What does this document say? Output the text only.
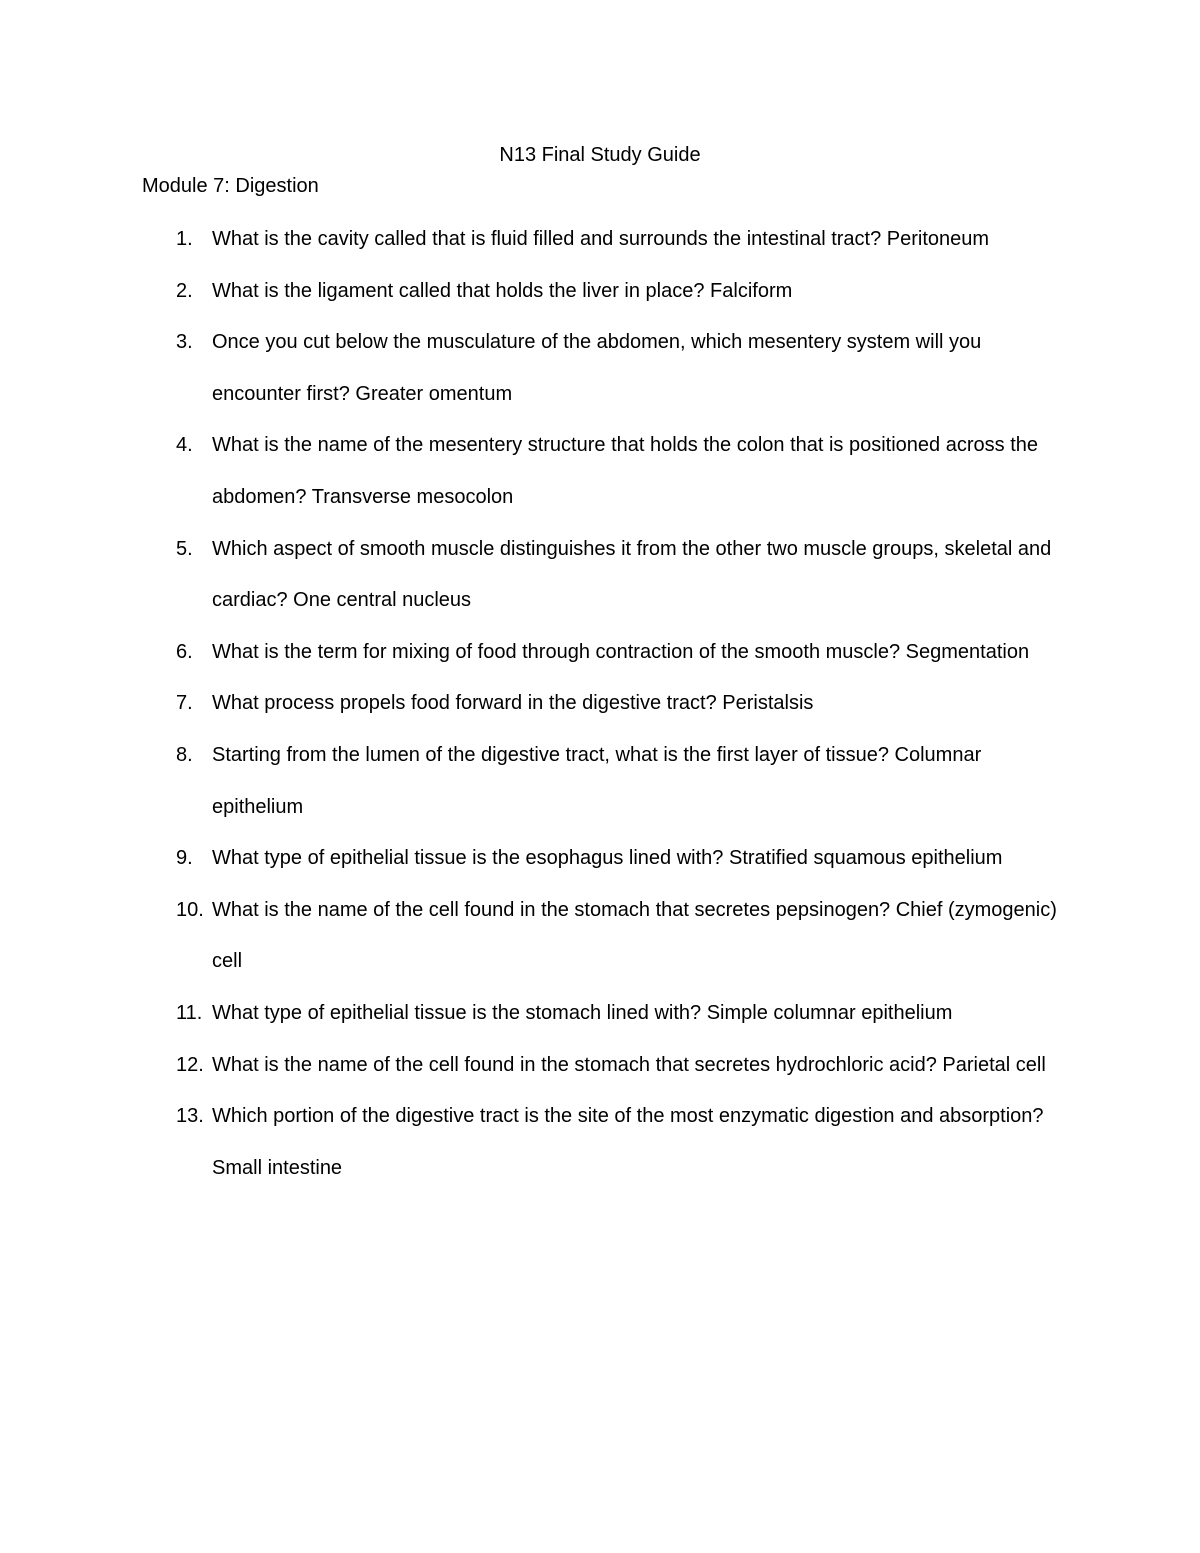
N13 Final Study Guide
Module 7: Digestion
1. What is the cavity called that is fluid filled and surrounds the intestinal tract? Peritoneum
2. What is the ligament called that holds the liver in place? Falciform
3. Once you cut below the musculature of the abdomen, which mesentery system will you encounter first? Greater omentum
4. What is the name of the mesentery structure that holds the colon that is positioned across the abdomen? Transverse mesocolon
5. Which aspect of smooth muscle distinguishes it from the other two muscle groups, skeletal and cardiac? One central nucleus
6. What is the term for mixing of food through contraction of the smooth muscle? Segmentation
7. What process propels food forward in the digestive tract? Peristalsis
8. Starting from the lumen of the digestive tract, what is the first layer of tissue? Columnar epithelium
9. What type of epithelial tissue is the esophagus lined with? Stratified squamous epithelium
10. What is the name of the cell found in the stomach that secretes pepsinogen? Chief (zymogenic) cell
11. What type of epithelial tissue is the stomach lined with? Simple columnar epithelium
12. What is the name of the cell found in the stomach that secretes hydrochloric acid? Parietal cell
13. Which portion of the digestive tract is the site of the most enzymatic digestion and absorption? Small intestine
